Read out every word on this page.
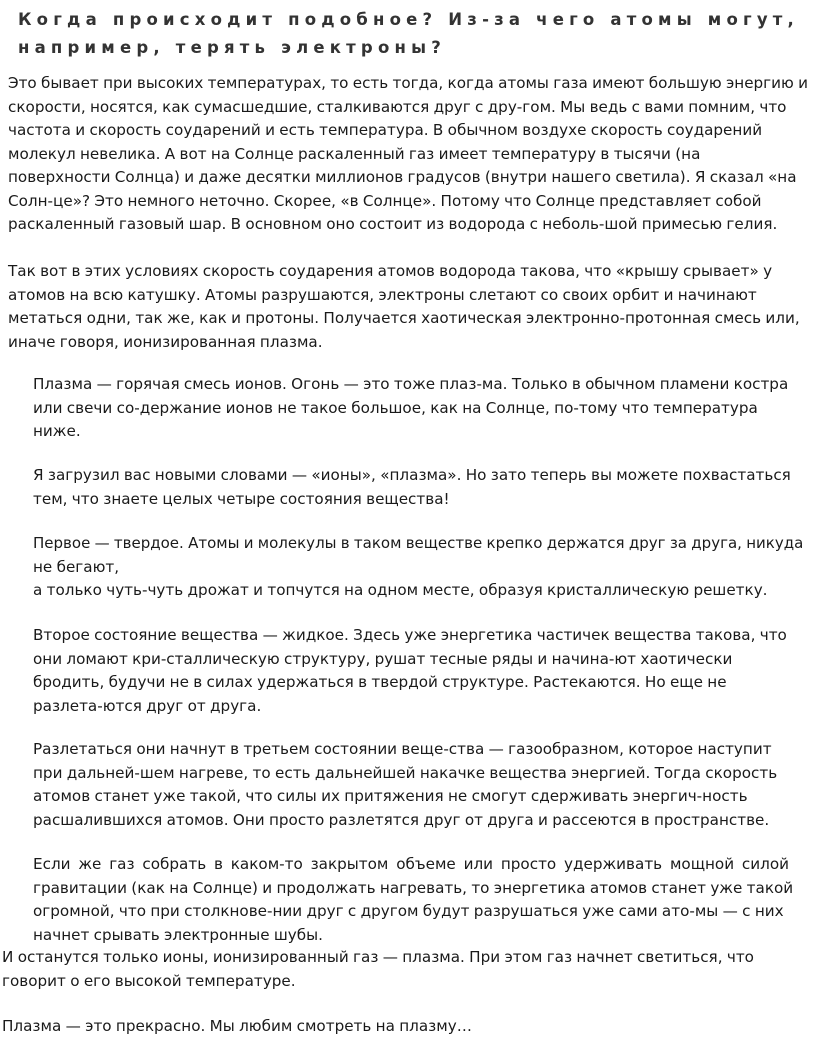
Когда происходит подобное? Из-за чего атомы могут,
например, терять электроны?
Это бывает при высоких температурах, то есть тогда, когда атомы газа имеют большую энергию и
скорости, носятся, как сумасшедшие, сталкиваются друг с дру-гом. Мы ведь с вами помним, что
частота и скорость соударений и есть температура. В обычном воздухе скорость соударений
молекул невелика. А вот на Солнце раскаленный газ имеет температуру в тысячи (на
поверхности Солнца) и даже десятки миллионов градусов (внутри нашего светила). Я сказал «на
Солн-це»? Это немного неточно. Скорее, «в Солнце». Потому что Солнце представляет собой
раскаленный газовый шар. В основном оно состоит из водорода с неболь-шой примесью гелия.
Так вот в этих условиях скорость соударения атомов водорода такова, что «крышу срывает» у
атомов на всю катушку. Атомы разрушаются, электроны слетают со своих орбит и начинают
метаться одни, так же, как и протоны. Получается хаотическая электронно-протонная смесь или,
иначе говоря, ионизированная плазма.
Плазма — горячая смесь ионов. Огонь — это тоже плаз-ма. Только в обычном пламени костра
или свечи со-держание ионов не такое большое, как на Солнце, по-тому что температура
ниже.
Я загрузил вас новыми словами — «ионы», «плазма». Но зато теперь вы можете похвастаться
тем, что знаете целых четыре состояния вещества!
Первое — твердое. Атомы и молекулы в таком веществе крепко держатся друг за друга, никуда
не бегают,
а только чуть-чуть дрожат и топчутся на одном месте, образуя кристаллическую решетку.
Второе состояние вещества — жидкое. Здесь уже энергетика частичек вещества такова, что
они ломают кри-сталлическую структуру, рушат тесные ряды и начина-ют хаотически
бродить, будучи не в силах удержаться в твердой структуре. Растекаются. Но еще не
разлета-ются друг от друга.
Разлетаться они начнут в третьем состоянии веще-ства — газообразном, которое наступит
при дальней-шем нагреве, то есть дальнейшей накачке вещества энергией. Тогда скорость
атомов станет уже такой, что силы их притяжения не смогут сдерживать энергич-ность
расшалившихся атомов. Они просто разлетятся друг от друга и рассеются в пространстве.
Если же газ собрать в каком-то закрытом объеме или просто удерживать мощной силой
гравитации (как на Солнце) и продолжать нагревать, то энергетика атомов станет уже такой
огромной, что при столкнове-нии друг с другом будут разрушаться уже сами ато-мы — с них
начнет срывать электронные шубы.
И останутся только ионы, ионизированный газ — плазма. При этом газ начнет светиться, что
говорит о его высокой температуре.
Плазма — это прекрасно. Мы любим смотреть на плазму…
